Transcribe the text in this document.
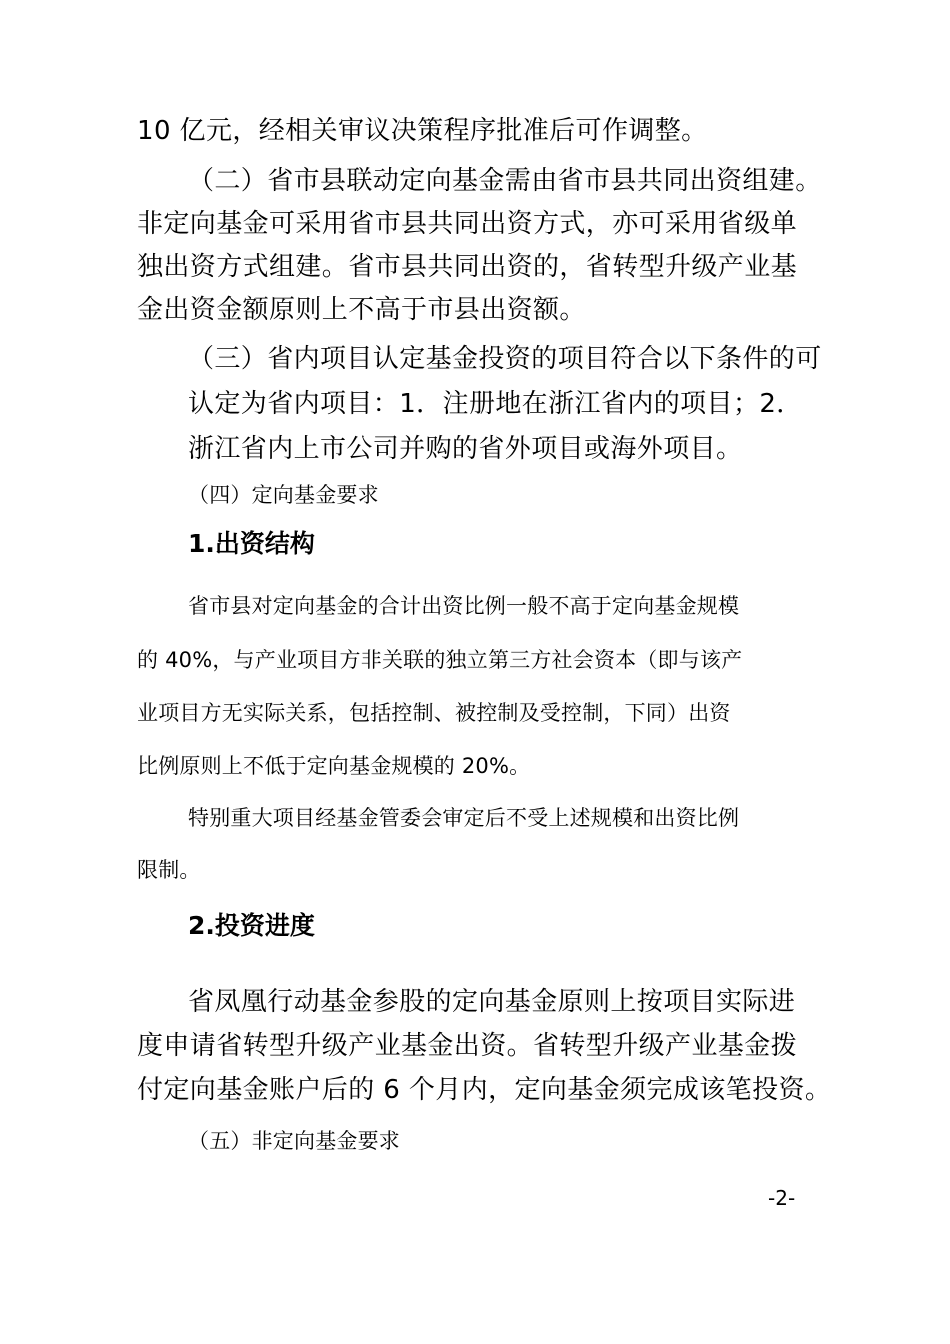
10 亿元，经相关审议决策程序批准后可作调整。

（二）省市县联动定向基金需由省市县共同出资组建。

非定向基金可采用省市县共同出资方式，亦可采用省级单

独出资方式组建。省市县共同出资的，省转型升级产业基

金出资金额原则上不高于市县出资额。

（三）省内项目认定基金投资的项目符合以下条件的可

认定为省内项目：1．注册地在浙江省内的项目；2．

浙江省内上市公司并购的省外项目或海外项目。

（四）定向基金要求

1.出资结构

省市县对定向基金的合计出资比例一般不高于定向基金规模

的 40%，与产业项目方非关联的独立第三方社会资本（即与该产

业项目方无实际关系，包括控制、被控制及受控制，下同）出资

比例原则上不低于定向基金规模的 20%。

特别重大项目经基金管委会审定后不受上述规模和出资比例

限制。

2.投资进度

省凤凰行动基金参股的定向基金原则上按项目实际进

度申请省转型升级产业基金出资。省转型升级产业基金拨

付定向基金账户后的 6 个月内，定向基金须完成该笔投资。

（五）非定向基金要求

-2-
